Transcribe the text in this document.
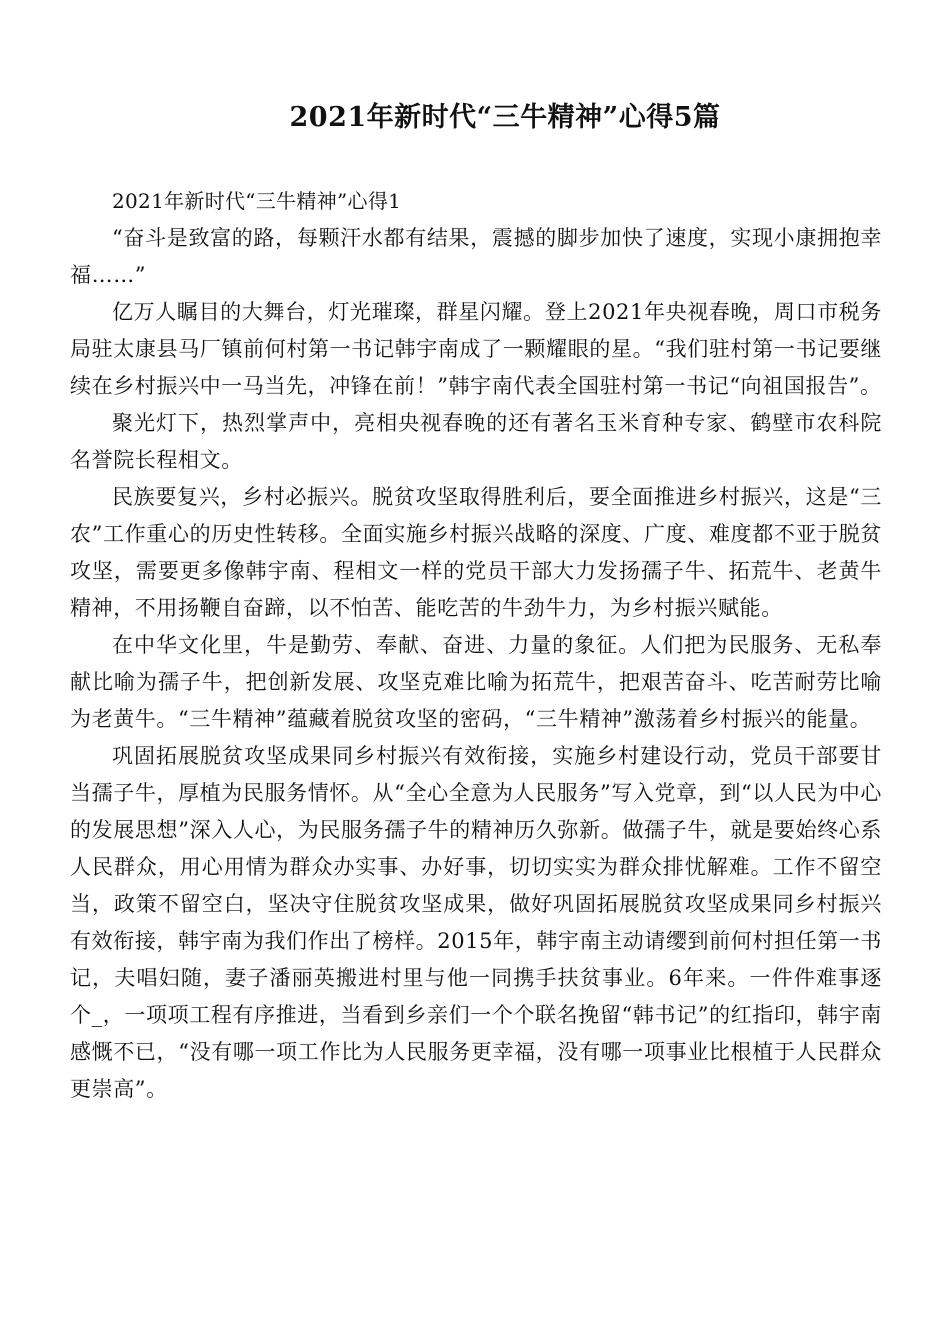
2021年新时代“三牛精神”心得5篇

2021年新时代“三牛精神”心得1

“奋斗是致富的路，每颗汗水都有结果，震撼的脚步加快了速度，实现小康拥抱幸福……”

亿万人瞩目的大舞台，灯光璀璨，群星闪耀。登上2021年央视春晚，周口市税务局驻太康县马厂镇前何村第一书记韩宇南成了一颗耀眼的星。“我们驻村第一书记要继续在乡村振兴中一马当先，冲锋在前！”韩宇南代表全国驻村第一书记“向祖国报告”。

聚光灯下，热烈掌声中，亮相央视春晚的还有著名玉米育种专家、鹤壁市农科院名誉院长程相文。

民族要复兴，乡村必振兴。脱贫攻坚取得胜利后，要全面推进乡村振兴，这是“三农”工作重心的历史性转移。全面实施乡村振兴战略的深度、广度、难度都不亚于脱贫攻坚，需要更多像韩宇南、程相文一样的党员干部大力发扬孺子牛、拓荒牛、老黄牛精神，不用扬鞭自奋蹄，以不怕苦、能吃苦的牛劲牛力，为乡村振兴赋能。

在中华文化里，牛是勤劳、奉献、奋进、力量的象征。人们把为民服务、无私奉献比喻为孺子牛，把创新发展、攻坚克难比喻为拓荒牛，把艰苦奋斗、吃苦耐劳比喻为老黄牛。“三牛精神”蕴藏着脱贫攻坚的密码，“三牛精神”激荡着乡村振兴的能量。

巩固拓展脱贫攻坚成果同乡村振兴有效衔接，实施乡村建设行动，党员干部要甘当孺子牛，厚植为民服务情怀。从“全心全意为人民服务”写入党章，到“以人民为中心的发展思想”深入人心，为民服务孺子牛的精神历久弥新。做孺子牛，就是要始终心系人民群众，用心用情为群众办实事、办好事，切切实实为群众排忧解难。工作不留空当，政策不留空白，坚决守住脱贫攻坚成果，做好巩固拓展脱贫攻坚成果同乡村振兴有效衔接，韩宇南为我们作出了榜样。2015年，韩宇南主动请缨到前何村担任第一书记，夫唱妇随，妻子潘丽英搬进村里与他一同携手扶贫事业。6年来。一件件难事逐个_，一项项工程有序推进，当看到乡亲们一个个联名挽留“韩书记”的红指印，韩宇南感慨不已，“没有哪一项工作比为人民服务更幸福，没有哪一项事业比根植于人民群众更崇高”。
